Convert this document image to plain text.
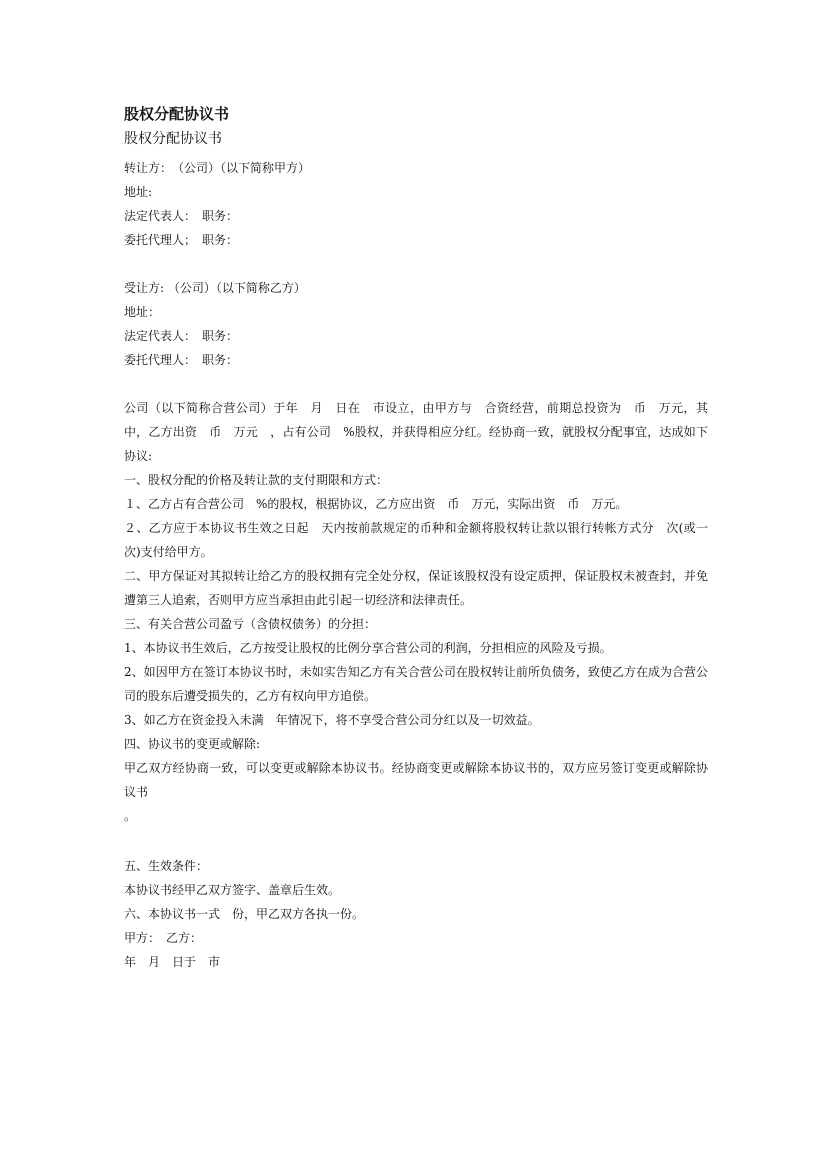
股权分配协议书
股权分配协议书

转让方：　（公司）（以下简称甲方）

地址:

法定代表人：　职务：

委托代理人；　职务：

受让方: （公司）（以下简称乙方）

地址：

法定代表人：　职务：

委托代理人：　职务：

公司（以下简称合营公司）于年　月　日在　市设立，由甲方与　合资经营，前期总投资为　币　万元，其中，乙方出资　币　万元　，占有公司　%股权，并获得相应分红。经协商一致，就股权分配事宜，达成如下协议:

一、股权分配的价格及转让款的支付期限和方式：

１、乙方占有合营公司　%的股权，根据协议，乙方应出资　币　万元，实际出资　币　万元。

２、乙方应于本协议书生效之日起　天内按前款规定的币种和金额将股权转让款以银行转帐方式分　次(或一次)支付给甲方。

二、甲方保证对其拟转让给乙方的股权拥有完全处分权，保证该股权没有设定质押，保证股权未被查封，并免遭第三人追索，否则甲方应当承担由此引起一切经济和法律责任。

三、有关合营公司盈亏（含债权债务）的分担：

1、本协议书生效后，乙方按受让股权的比例分享合营公司的利润，分担相应的风险及亏损。

2、如因甲方在签订本协议书时，未如实告知乙方有关合营公司在股权转让前所负债务，致使乙方在成为合营公司的股东后遭受损失的，乙方有权向甲方追偿。

3、如乙方在资金投入未满　年情况下，将不享受合营公司分红以及一切效益。

四、协议书的变更或解除:

甲乙双方经协商一致，可以变更或解除本协议书。经协商变更或解除本协议书的，双方应另签订变更或解除协议书

。

五、生效条件：

本协议书经甲乙双方签字、盖章后生效。

六、本协议书一式　份，甲乙双方各执一份。

甲方：　乙方：

年　月　日于　市
